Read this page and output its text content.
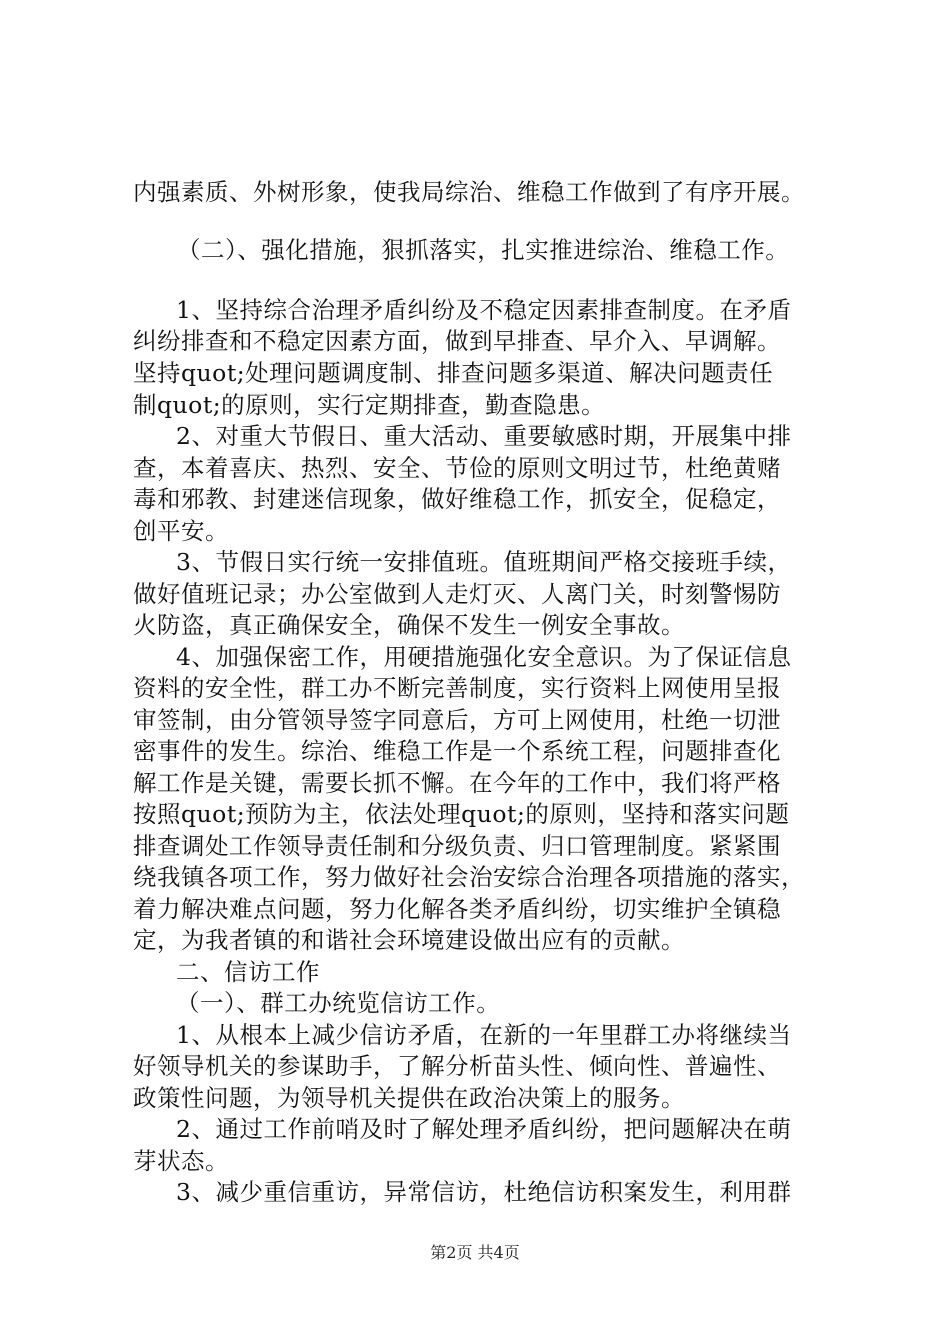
内强素质、外树形象，使我局综治、维稳工作做到了有序开展。
（二）、强化措施，狠抓落实，扎实推进综治、维稳工作。
1、坚持综合治理矛盾纠纷及不稳定因素排查制度。在矛盾
纠纷排查和不稳定因素方面，做到早排查、早介入、早调解。
坚持quot;处理问题调度制、排查问题多渠道、解决问题责任
制quot;的原则，实行定期排查，勤查隐患。
2、对重大节假日、重大活动、重要敏感时期，开展集中排
查，本着喜庆、热烈、安全、节俭的原则文明过节，杜绝黄赌
毒和邪教、封建迷信现象，做好维稳工作，抓安全，促稳定，
创平安。
3、节假日实行统一安排值班。值班期间严格交接班手续，
做好值班记录；办公室做到人走灯灭、人离门关，时刻警惕防
火防盗，真正确保安全，确保不发生一例安全事故。
4、加强保密工作，用硬措施强化安全意识。为了保证信息
资料的安全性，群工办不断完善制度，实行资料上网使用呈报
审签制，由分管领导签字同意后，方可上网使用，杜绝一切泄
密事件的发生。综治、维稳工作是一个系统工程，问题排查化
解工作是关键，需要长抓不懈。在今年的工作中，我们将严格
按照quot;预防为主，依法处理quot;的原则，坚持和落实问题
排查调处工作领导责任制和分级负责、归口管理制度。紧紧围
绕我镇各项工作，努力做好社会治安综合治理各项措施的落实，
着力解决难点问题，努力化解各类矛盾纠纷，切实维护全镇稳
定，为我者镇的和谐社会环境建设做出应有的贡献。
二、信访工作
（一）、群工办统览信访工作。
1、从根本上减少信访矛盾，在新的一年里群工办将继续当
好领导机关的参谋助手，了解分析苗头性、倾向性、普遍性、
政策性问题，为领导机关提供在政治决策上的服务。
2、通过工作前哨及时了解处理矛盾纠纷，把问题解决在萌
芽状态。
3、减少重信重访，异常信访，杜绝信访积案发生，利用群
第2页 共4页
